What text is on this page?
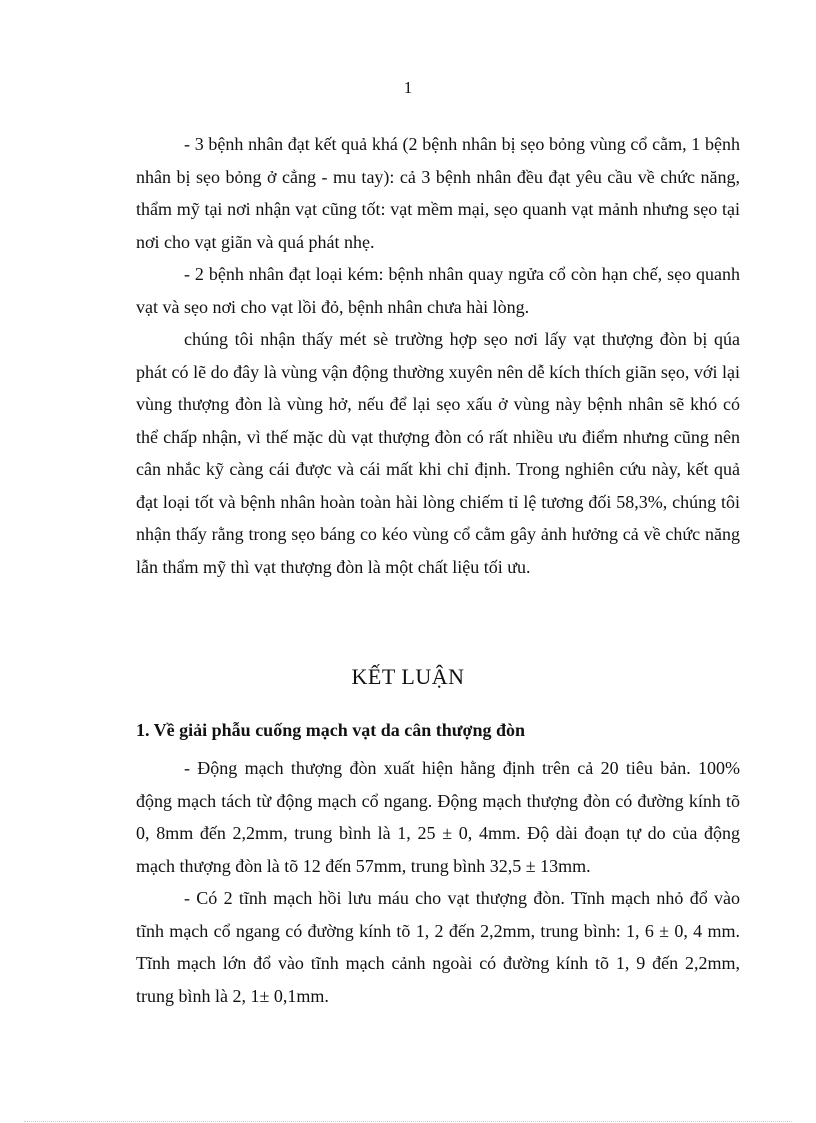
1

- 3 bệnh nhân đạt kết quả khá (2 bệnh nhân bị sẹo bỏng vùng cổ cằm, 1 bệnh nhân bị sẹo bỏng ở cẳng - mu tay): cả 3 bệnh nhân đều đạt yêu cầu về chức năng, thẩm mỹ tại nơi nhận vạt cũng tốt: vạt mềm mại, sẹo quanh vạt mảnh nhưng sẹo tại nơi cho vạt giãn và quá phát nhẹ.

- 2 bệnh nhân đạt loại kém: bệnh nhân quay ngửa cổ còn hạn chế, sẹo quanh vạt và sẹo nơi cho vạt lồi đỏ, bệnh nhân chưa hài lòng.

chúng tôi nhận thấy mét sè trường hợp sẹo nơi lấy vạt thượng đòn bị qúa phát có lẽ do đây là vùng vận động thường xuyên nên dễ kích thích giãn sẹo, với lại vùng thượng đòn là vùng hở, nếu để lại sẹo xấu ở vùng này bệnh nhân sẽ khó có thể chấp nhận, vì thế mặc dù vạt thượng đòn có rất nhiều ưu điểm nhưng cũng nên cân nhắc kỹ càng cái được và cái mất khi chỉ định. Trong nghiên cứu này, kết quả đạt loại tốt và bệnh nhân hoàn toàn hài lòng chiếm tỉ lệ tương đối 58,3%, chúng tôi nhận thấy rằng trong sẹo báng co kéo vùng cổ cằm gây ảnh hưởng cả về chức năng lẫn thẩm mỹ thì vạt thượng đòn là một chất liệu tối ưu.

KẾT LUẬN
1. Về giải phẫu cuống mạch vạt da cân thượng đòn

- Động mạch thượng đòn xuất hiện hằng định trên cả 20 tiêu bản. 100% động mạch tách từ động mạch cổ ngang. Động mạch thượng đòn có đường kính tõ 0, 8mm đến 2,2mm, trung bình là 1, 25 ± 0, 4mm. Độ dài đoạn tự do của động mạch thượng đòn là tõ 12 đến 57mm, trung bình 32,5 ± 13mm.

- Có 2 tĩnh mạch hồi lưu máu cho vạt thượng đòn. Tĩnh mạch nhỏ đổ vào tĩnh mạch cổ ngang có đường kính tõ 1, 2 đến 2,2mm, trung bình: 1, 6 ± 0, 4 mm. Tĩnh mạch lớn đổ vào tĩnh mạch cảnh ngoài có đường kính tõ 1, 9 đến 2,2mm, trung bình là 2, 1± 0,1mm.
